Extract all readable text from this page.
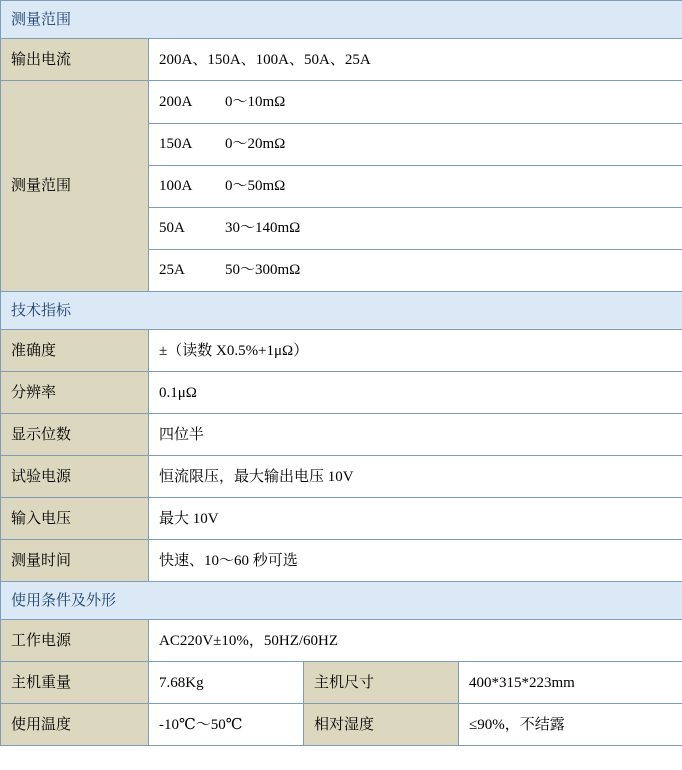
测量范围
输出电流	200A、150A、100A、50A、25A
测量范围	
200A 0～10mΩ
150A 0～20mΩ
100A 0～50mΩ
50A	30～140mΩ
25A	50～300mΩ

技术指标
准确度	±（读数 X0.5%+1μΩ）
分辨率	0.1μΩ
显示位数	四位半
试验电源	恒流限压，最大输出电压 10V
输入电压	最大 10V
测量时间	快速、10～60 秒可选
使用条件及外形
工作电源	AC220V±10%，50HZ/60HZ
主机重量	7.68Kg	主机尺寸	400*315*223mm
使用温度	-10℃～50℃	相对湿度	≤90%，不结露
